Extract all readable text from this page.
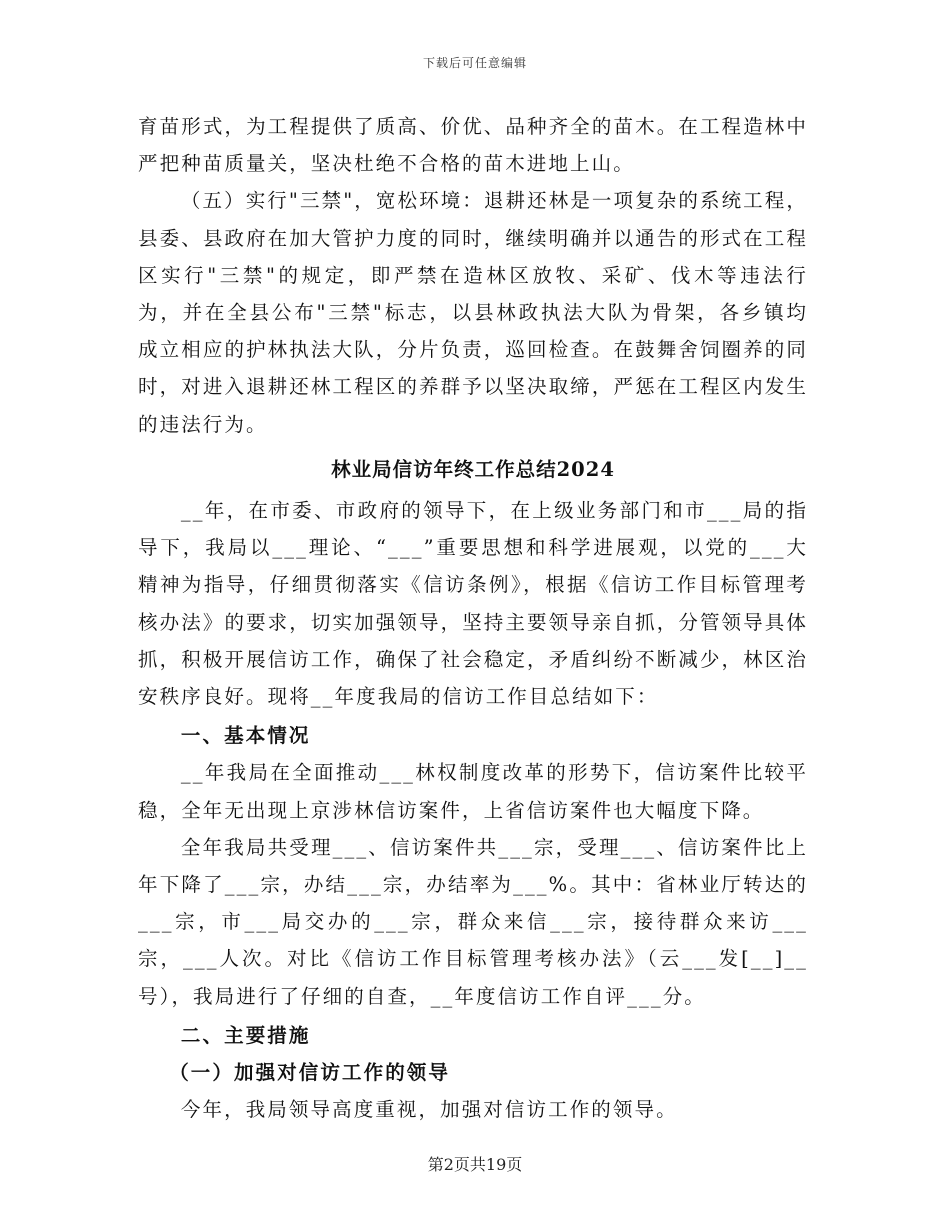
下载后可任意编辑

育苗形式，为工程提供了质高、价优、品种齐全的苗木。在工程造林中严把种苗质量关，坚决杜绝不合格的苗木进地上山。

（五）实行"三禁"，宽松环境：退耕还林是一项复杂的系统工程，县委、县政府在加大管护力度的同时，继续明确并以通告的形式在工程区实行"三禁"的规定，即严禁在造林区放牧、采矿、伐木等违法行为，并在全县公布"三禁"标志，以县林政执法大队为骨架，各乡镇均成立相应的护林执法大队，分片负责，巡回检查。在鼓舞舍饲圈养的同时，对进入退耕还林工程区的养群予以坚决取缔，严惩在工程区内发生的违法行为。

林业局信访年终工作总结2024

__年，在市委、市政府的领导下，在上级业务部门和市___局的指导下，我局以___理论、“___”重要思想和科学进展观，以党的___大精神为指导，仔细贯彻落实《信访条例》，根据《信访工作目标管理考核办法》的要求，切实加强领导，坚持主要领导亲自抓，分管领导具体抓，积极开展信访工作，确保了社会稳定，矛盾纠纷不断减少，林区治安秩序良好。现将__年度我局的信访工作目总结如下：

一、基本情况

__年我局在全面推动___林权制度改革的形势下，信访案件比较平稳，全年无出现上京涉林信访案件，上省信访案件也大幅度下降。

全年我局共受理___、信访案件共___宗，受理___、信访案件比上年下降了___宗，办结___宗，办结率为___%。其中：省林业厅转达的___宗，市___局交办的___宗，群众来信___宗，接待群众来访___宗，___人次。对比《信访工作目标管理考核办法》（云___发[__]__号），我局进行了仔细的自查，__年度信访工作自评___分。

二、主要措施

（一）加强对信访工作的领导

今年，我局领导高度重视，加强对信访工作的领导。

第2页共19页
